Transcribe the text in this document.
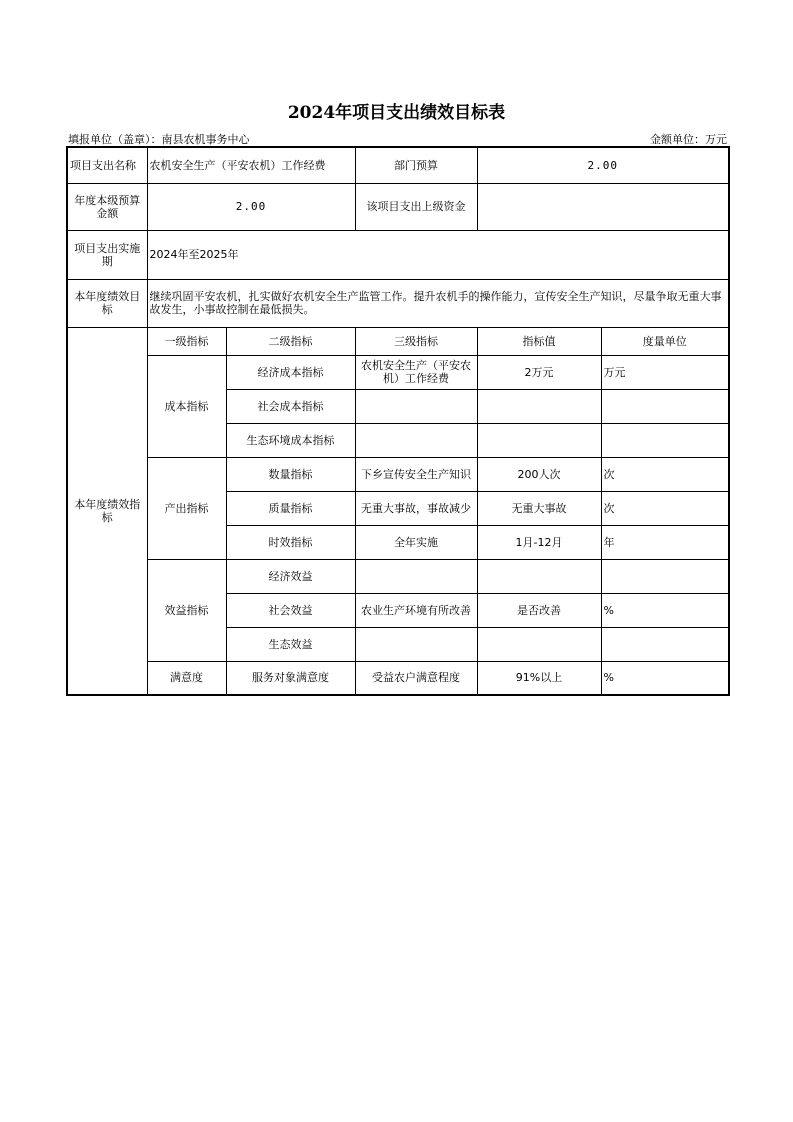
2024年项目支出绩效目标表
填报单位（盖章）：南县农机事务中心	金额单位：万元
项目支出名称	农机安全生产（平安农机）工作经费		部门预算	2.00	
年度本级预算金额	2.00		该项目支出上级资金		
项目支出实施期	2024年至2025年				
本年度绩效目标	继续巩固平安农机，扎实做好农机安全生产监管工作。提升农机手的操作能力，宣传安全生产知识，尽量争取无重大事故发生，小事故控制在最低损失。				
本年度绩效指标	一级指标	二级指标	三级指标	指标值	度量单位
	成本指标	经济成本指标	农机安全生产（平安农机）工作经费	2万元	万元
		社会成本指标			
		生态环境成本指标			
	产出指标	数量指标	下乡宣传安全生产知识	200人次	次
		质量指标	无重大事故，事故减少	无重大事故	次
		时效指标	全年实施	1月-12月	年
	效益指标	经济效益			
		社会效益	农业生产环境有所改善	是否改善	%
		生态效益			
	满意度	服务对象满意度	受益农户满意程度	91%以上	%
